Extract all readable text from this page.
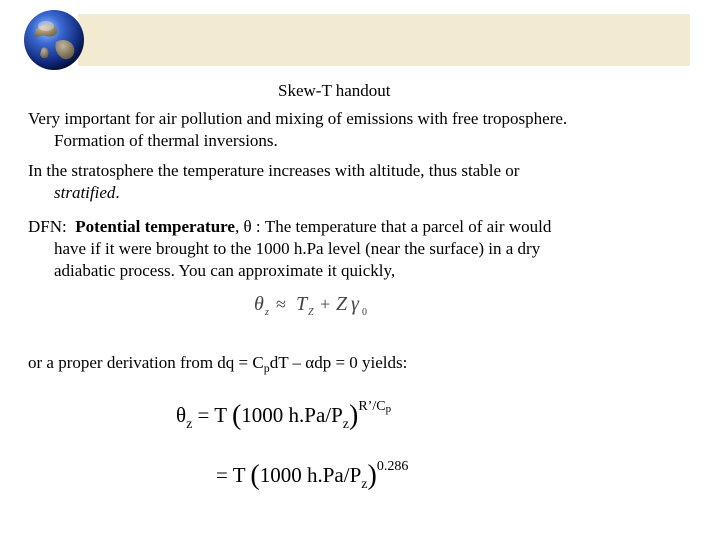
Skew-T handout
Very important for air pollution and mixing of emissions with free troposphere.
Formation of thermal inversions.
In the stratosphere the temperature increases with altitude, thus stable or
stratified.
DFN:  Potential temperature, θ : The temperature that a parcel of air would
have if it were brought to the 1000 h.Pa level (near the surface) in a dry
adiabatic process. You can approximate it quickly,
θ z ≈ T Z + Z γ 0
or a proper derivation from dq = $C_pdT - \alpha dp = 0$ yields:
$\theta_z = T$ (1000 $h.Pa/P_z)^{R’/Cp}$
= T (1000 $h.Pa/P_z)^{0.286}$
